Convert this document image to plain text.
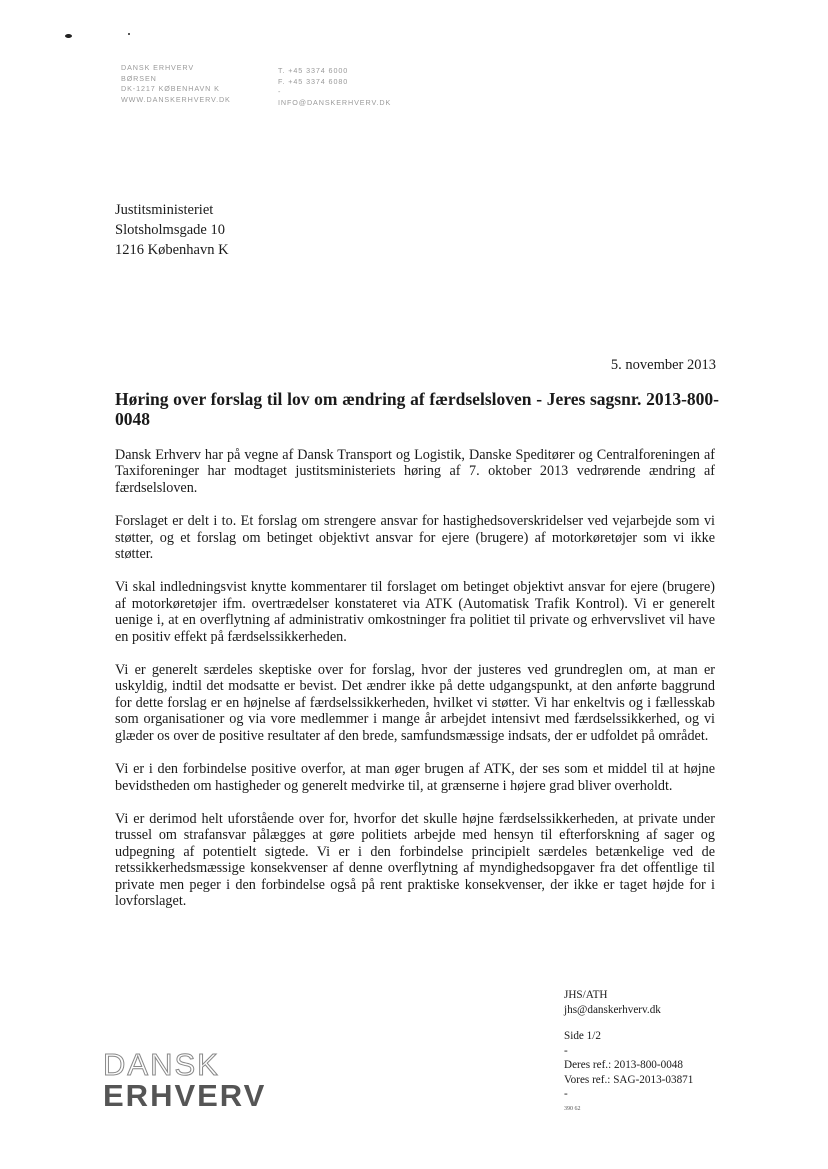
DANSK ERHVERV
BØRSEN
DK-1217 KØBENHAVN K
WWW.DANSKERHVERV.DK
T. +45 3374 6000
F. +45 3374 6080
-
INFO@DANSKERHVERV.DK
Justitsministeriet
Slotsholmsgade 10
1216 København K
5. november 2013
Høring over forslag til lov om ændring af færdselsloven - Jeres sagsnr. 2013-800-0048

Dansk Erhverv har på vegne af Dansk Transport og Logistik, Danske Speditører og Centralforeningen af Taxiforeninger har modtaget justitsministeriets høring af 7. oktober 2013 vedrørende ændring af færdselsloven.

Forslaget er delt i to. Et forslag om strengere ansvar for hastighedsoverskridelser ved vejarbejde som vi støtter, og et forslag om betinget objektivt ansvar for ejere (brugere) af motorkøretøjer som vi ikke støtter.

Vi skal indledningsvist knytte kommentarer til forslaget om betinget objektivt ansvar for ejere (brugere) af motorkøretøjer ifm. overtrædelser konstateret via ATK (Automatisk Trafik Kontrol). Vi er generelt uenige i, at en overflytning af administrativ omkostninger fra politiet til private og erhvervslivet vil have en positiv effekt på færdselssikkerheden.

Vi er generelt særdeles skeptiske over for forslag, hvor der justeres ved grundreglen om, at man er uskyldig, indtil det modsatte er bevist. Det ændrer ikke på dette udgangspunkt, at den anførte baggrund for dette forslag er en højnelse af færdselssikkerheden, hvilket vi støtter. Vi har enkeltvis og i fællesskab som organisationer og via vore medlemmer i mange år arbejdet intensivt med færdselssikkerhed, og vi glæder os over de positive resultater af den brede, samfundsmæssige indsats, der er udfoldet på området.

Vi er i den forbindelse positive overfor, at man øger brugen af ATK, der ses som et middel til at højne bevidstheden om hastigheder og generelt medvirke til, at grænserne i højere grad bliver overholdt.

Vi er derimod helt uforstående over for, hvorfor det skulle højne færdselssikkerheden, at private under trussel om strafansvar pålægges at gøre politiets arbejde med hensyn til efterforskning af sager og udpegning af potentielt sigtede. Vi er i den forbindelse principielt særdeles betænkelige ved de retssikkerhedsmæssige konsekvenser af denne overflytning af myndighedsopgaver fra det offentlige til private men peger i den forbindelse også på rent praktiske konsekvenser, der ikke er taget højde for i lovforslaget.

JHS/ATH
jhs@danskerhverv.dk
Side 1/2
-
Deres ref.: 2013-800-0048
Vores ref.: SAG-2013-03871
-
390 62
DANSK
ERHVERV
